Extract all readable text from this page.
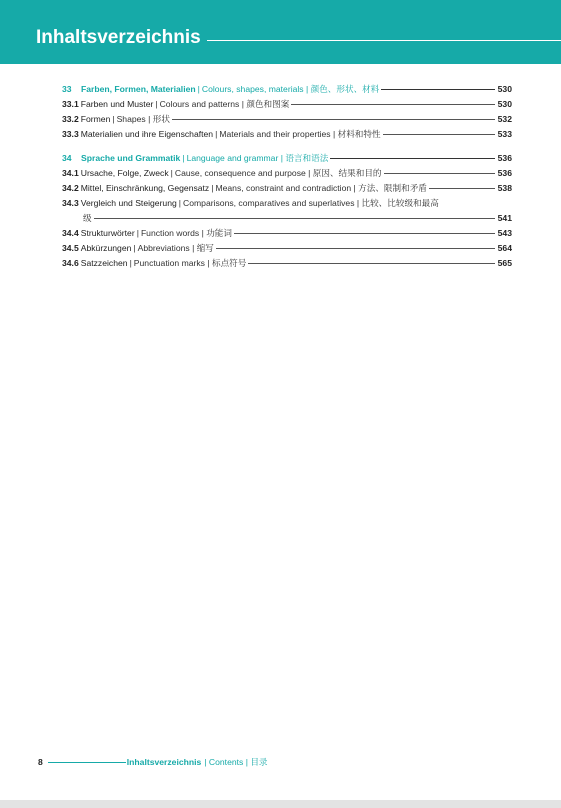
Inhaltsverzeichnis
33	Farben, Formen, Materialien | Colours, shapes, materials | 颜色、形状、材料	530
33.1 Farben und Muster | Colours and patterns | 颜色和图案	530
33.2 Formen | Shapes | 形状	532
33.3 Materialien und ihre Eigenschaften | Materials and their properties | 材料和特性	533
34	Sprache und Grammatik | Language and grammar | 语言和语法	536
34.1 Ursache, Folge, Zweck | Cause, consequence and purpose | 原因、结果和目的	536
34.2 Mittel, Einschränkung, Gegensatz | Means, constraint and contradiction | 方法、限制和矛盾	538
34.3 Vergleich und Steigerung | Comparisons, comparatives and superlatives | 比较、比较级和最高
级	541
34.4 Strukturwörter | Function words | 功能词	543
34.5 Abkürzungen | Abbreviations | 缩写	564
34.6 Satzzeichen | Punctuation marks | 标点符号	565
8	Inhaltsverzeichnis | Contents | 目录
